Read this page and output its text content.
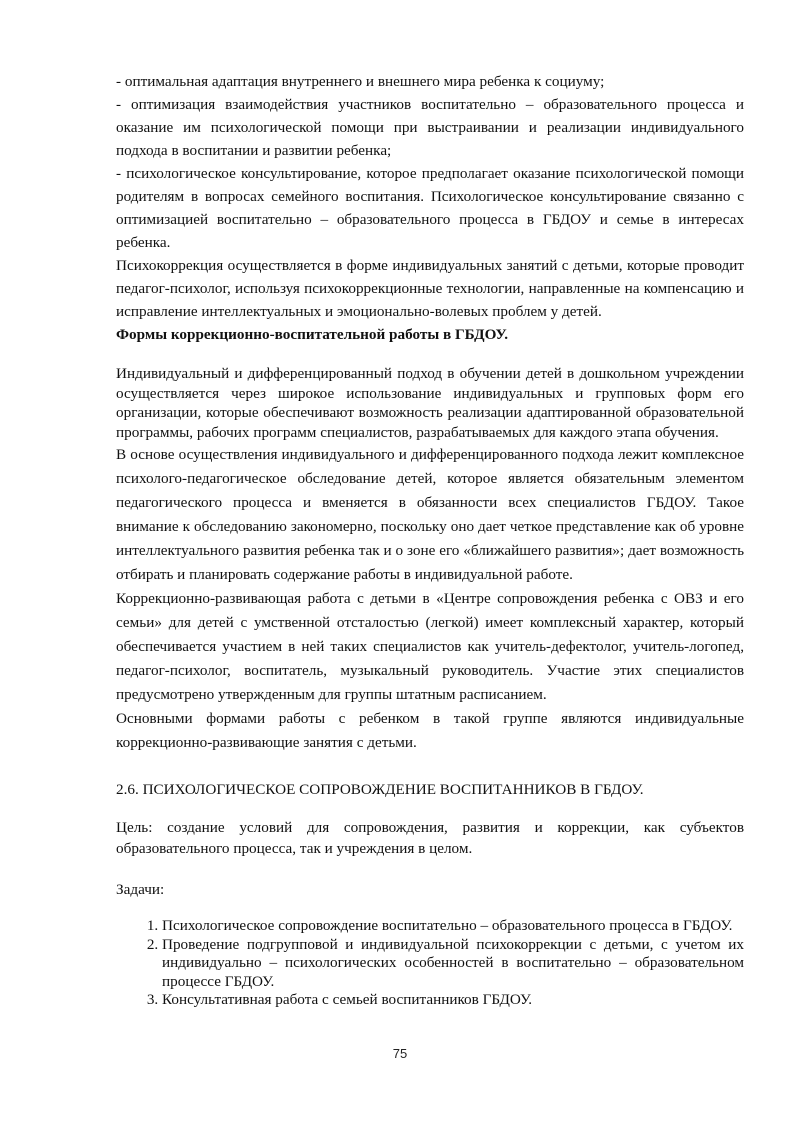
- оптимальная адаптация внутреннего и внешнего мира ребенка к социуму;

- оптимизация взаимодействия участников воспитательно – образовательного процесса и оказание им психологической помощи при выстраивании и реализации индивидуального подхода в воспитании и развитии ребенка;

- психологическое консультирование, которое предполагает оказание психологической помощи родителям в вопросах семейного воспитания. Психологическое консультирование связанно с оптимизацией воспитательно – образовательного процесса в ГБДОУ и семье в интересах ребенка.

Психокоррекция осуществляется в форме индивидуальных занятий с детьми, которые проводит педагог-психолог, используя психокоррекционные технологии, направленные на компенсацию и исправление интеллектуальных и эмоционально-волевых проблем у детей.

Формы коррекционно-воспитательной работы в ГБДОУ.

Индивидуальный и дифференцированный подход в обучении детей в дошкольном учреждении осуществляется через широкое использование индивидуальных и групповых форм его организации, которые обеспечивают возможность реализации адаптированной образовательной программы, рабочих программ специалистов, разрабатываемых для каждого этапа обучения.

В основе осуществления индивидуального и дифференцированного подхода лежит комплексное психолого-педагогическое обследование детей, которое является обязательным элементом педагогического процесса и вменяется в обязанности всех специалистов ГБДОУ. Такое внимание к обследованию закономерно, поскольку оно дает четкое представление как об уровне интеллектуального развития ребенка так и о зоне его «ближайшего развития»; дает возможность отбирать и планировать содержание работы в индивидуальной работе.

Коррекционно-развивающая работа с детьми в «Центре сопровождения ребенка с ОВЗ и его семьи» для детей с умственной отсталостью (легкой) имеет комплексный характер, который обеспечивается участием в ней таких специалистов как учитель-дефектолог, учитель-логопед, педагог-психолог, воспитатель, музыкальный руководитель. Участие этих специалистов предусмотрено утвержденным для группы штатным расписанием.

Основными формами работы с ребенком в такой группе являются индивидуальные коррекционно-развивающие занятия с детьми.

2.6. ПСИХОЛОГИЧЕСКОЕ СОПРОВОЖДЕНИЕ ВОСПИТАННИКОВ В ГБДОУ.

Цель: создание условий для сопровождения, развития и коррекции, как субъектов образовательного процесса, так и учреждения в целом.

Задачи:

1. Психологическое сопровождение воспитательно – образовательного процесса в ГБДОУ.
2. Проведение подгрупповой и индивидуальной психокоррекции с детьми, с учетом их индивидуально – психологических особенностей в воспитательно – образовательном процессе ГБДОУ.
3. Консультативная работа с семьей воспитанников ГБДОУ.
75
